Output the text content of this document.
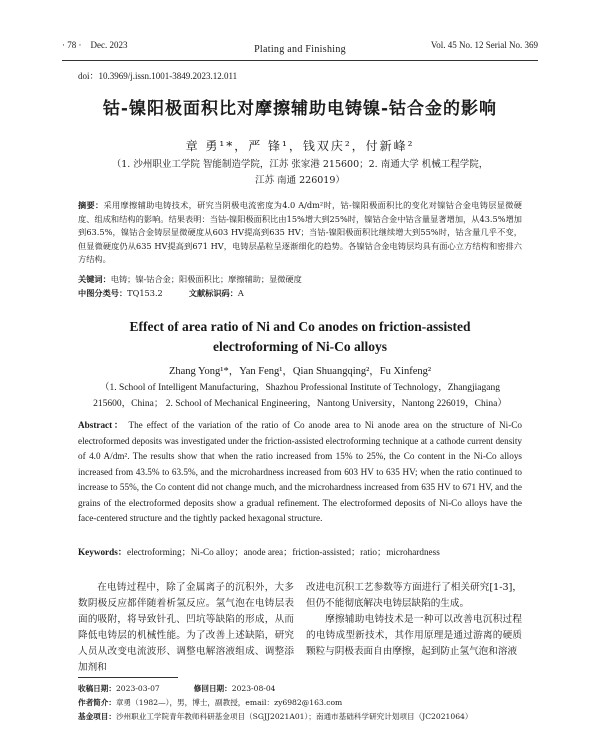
· 78 · Dec. 2023	Plating and Finishing	Vol. 45 No. 12 Serial No. 369
doi：10.3969/j.issn.1001-3849.2023.12.011
钴-镍阳极面积比对摩擦辅助电铸镍-钴合金的影响
章 勇¹*，严 锋¹，钱双庆²，付新峰²
（1. 沙州职业工学院 智能制造学院，江苏 张家港 215600；2. 南通大学 机械工程学院，
江苏 南通 226019）
摘要：采用摩擦辅助电铸技术，研究当阴极电流密度为4.0 A/dm²时，钴-镍阳极面积比的变化对镍钴合金电铸层显微硬度、组成和结构的影响。结果表明：当钴-镍阳极面积比由15%增大到25%时，镍钴合金中钴含量显著增加，从43.5%增加到63.5%，镍钴合金铸层显微硬度从603 HV提高到635 HV；当钴-镍阳极面积比继续增大到55%时，钴含量几乎不变，但显微硬度仍从635 HV提高到671 HV，电铸层晶粒呈逐渐细化的趋势。各镍钴合金电铸层均具有面心立方结构和密排六方结构。
关键词：电铸；镍-钴合金；阳极面积比；摩擦辅助；显微硬度
中图分类号：TQ153.2	文献标识码：A
Effect of area ratio of Ni and Co anodes on friction-assisted
electroforming of Ni-Co alloys
Zhang Yong¹*，Yan Feng¹，Qian Shuangqing²，Fu Xinfeng²
（1. School of Intelligent Manufacturing，Shazhou Professional Institute of Technology，Zhangjiagang
215600，China； 2. School of Mechanical Engineering，Nantong University，Nantong 226019，China）
Abstract： The effect of the variation of the ratio of Co anode area to Ni anode area on the structure of Ni-Co electroformed deposits was investigated under the friction-assisted electroforming technique at a cathode current density of 4.0 A/dm². The results show that when the ratio increased from 15% to 25%, the Co content in the Ni-Co alloys increased from 43.5% to 63.5%, and the microhardness increased from 603 HV to 635 HV; when the ratio continued to increase to 55%, the Co content did not change much, and the microhardness increased from 635 HV to 671 HV, and the grains of the electroformed deposits show a gradual refinement. The electroformed deposits of Ni-Co alloys have the face-centered structure and the tightly packed hexagonal structure.
Keywords：electroforming；Ni-Co alloy；anode area；friction-assisted；ratio；microhardness

在电铸过程中，除了金属离子的沉积外，大多数阴极反应都伴随着析氢反应。氢气泡在电铸层表面的吸附，将导致针孔、凹坑等缺陷的形成，从而降低电铸层的机械性能。为了改善上述缺陷，研究人员从改变电流波形、调整电解溶液组成、调整添加剂和

改进电沉积工艺参数等方面进行了相关研究[1-3]，但仍不能彻底解决电铸层缺陷的生成。

摩擦辅助电铸技术是一种可以改善电沉积过程的电铸成型新技术，其作用原理是通过游离的硬质颗粒与阴极表面自由摩擦，起到防止氢气泡和溶液

收稿日期：2023-03-07	修回日期：2023-08-04
作者简介：章勇（1982—），男，博士，副教授，email：zy6982@163.com
基金项目：沙州职业工学院青年教师科研基金项目（SGJJ2021A01）；南通市基础科学研究计划项目（JC2021064）
